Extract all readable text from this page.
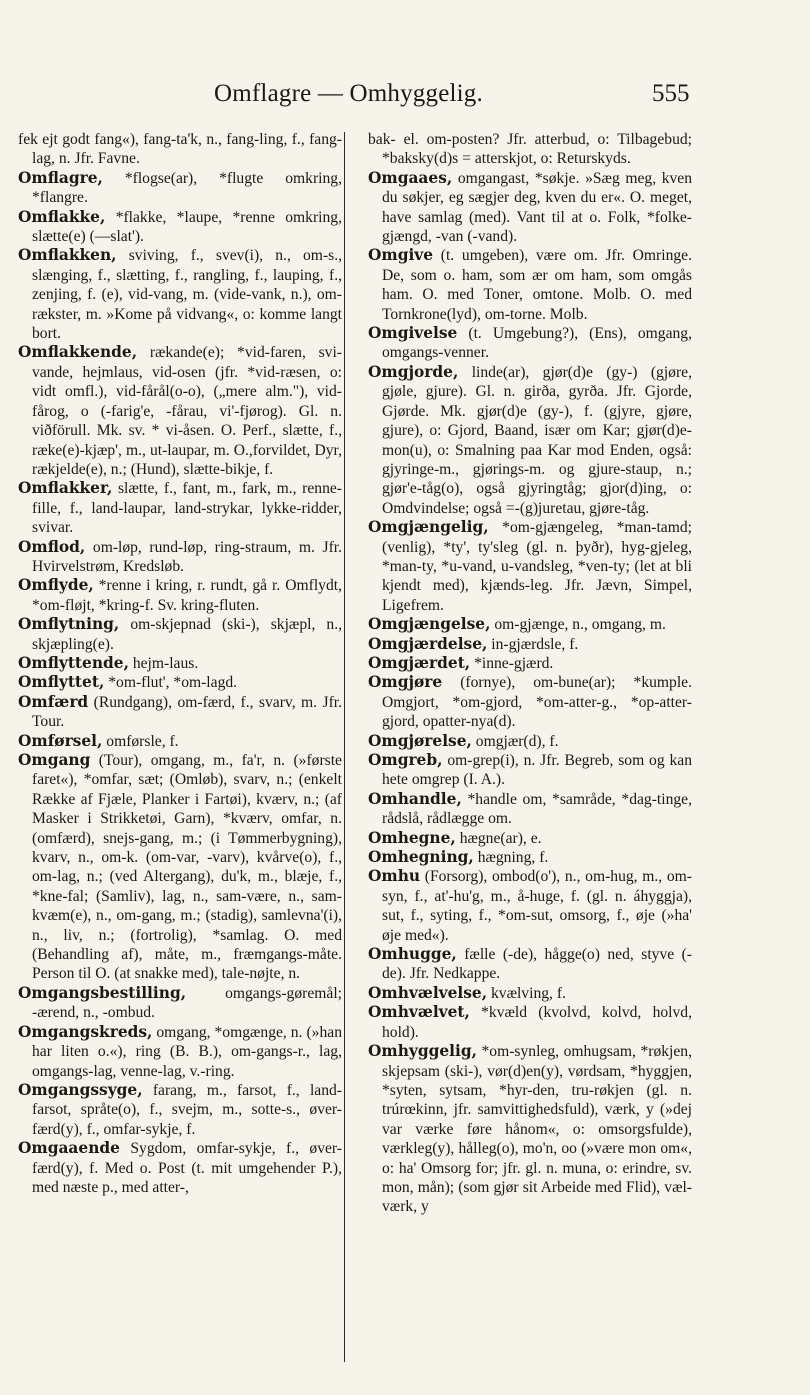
Omflagre — Omhyggelig.	555
fek ejt godt fang«), fang-ta'k, n., fang-ling, f., fang-lag, n. Jfr. Favne.
Omflagre, *flogse(ar), *flugte omkring, *flangre.
Omflakke, *flakke, *laupe, *renne omkring, slætte(e) (—slat').
Omflakken, sviving, f., svev(i), n., om-s., slænging, f., slætting, f., rangling, f., lauping, f., zenjing, f. (e), vid-vang, m. (vide-vank, n.), om-rækster, m. »Kome på vidvang«, o: komme langt bort.
Omflakkende, rækande(e); *vid-faren, svi-vande, hejmlaus, vid-osen (jfr. *vid-ræsen, o: vidt omfl.), vid-fårål(o-o), („mere alm."), vid-fårog, o (-farig'e, -fårau, vi'-fjørog). Gl. n. viðförull. Mk. sv. * vi-åsen. O. Perf., slætte, f., ræke(e)-kjæp', m., ut-laupar, m. O.,forvildet, Dyr, rækjelde(e), n.; (Hund), slætte-bikje, f.
Omflakker, slætte, f., fant, m., fark, m., renne-fille, f., land-laupar, land-strykar, lykke-ridder, svivar.
Omflod, om-løp, rund-løp, ring-straum, m. Jfr. Hvirvelstrøm, Kredsløb.
Omflyde, *renne i kring, r. rundt, gå r. Omflydt, *om-fløjt, *kring-f. Sv. kring-fluten.
Omflytning, om-skjepnad (ski-), skjæpl, n., skjæpling(e).
Omflyttende, hejm-laus.
Omflyttet, *om-flut', *om-lagd.
Omfærd (Rundgang), om-færd, f., svarv, m. Jfr. Tour.
Omførsel, omførsle, f.
Omgang (Tour), omgang, m., fa'r, n. (»første faret«), *omfar, sæt; (Omløb), svarv, n.; (enkelt Række af Fjæle, Planker i Fartøi), kværv, n.; (af Masker i Strikketøi, Garn), *kværv, omfar, n. (omfærd), snejs-gang, m.; (i Tømmerbygning), kvarv, n., om-k. (om-var, -varv), kvårve(o), f., om-lag, n.; (ved Altergang), du'k, m., blæje, f., *kne-fal; (Samliv), lag, n., sam-være, n., sam-kvæm(e), n., om-gang, m.; (stadig), samlevna'(i), n., liv, n.; (fortrolig), *samlag. O. med (Behandling af), måte, m., fræmgangs-måte. Person til O. (at snakke med), tale-nøjte, n.
Omgangsbestilling, omgangs-gøremål; -ærend, n., -ombud.
Omgangskreds, omgang, *omgænge, n. (»han har liten o.«), ring (B. B.), om-gangs-r., lag, omgangs-lag, venne-lag, v.-ring.
Omgangssyge, farang, m., farsot, f., land-farsot, språte(o), f., svejm, m., sotte-s., øver-færd(y), f., omfar-sykje, f.
Omgaaende Sygdom, omfar-sykje, f., øver-færd(y), f. Med o. Post (t. mit umgehender P.), med næste p., med atter-,
bak- el. om-posten? Jfr. atterbud, o: Tilbagebud; *baksky(d)s = atterskjot, o: Returskyds.
Omgaaes, omgangast, *søkje. »Sæg meg, kven du søkjer, eg sægjer deg, kven du er«. O. meget, have samlag (med). Vant til at o. Folk, *folke-gjængd, -van (-vand).
Omgive (t. umgeben), være om. Jfr. Omringe. De, som o. ham, som ær om ham, som omgås ham. O. med Toner, omtone. Molb. O. med Tornkrone(lyd), om-torne. Molb.
Omgivelse (t. Umgebung?), (Ens), omgang, omgangs-venner.
Omgjorde, linde(ar), gjør(d)e (gy-) (gjøre, gjøle, gjure). Gl. n. girða, gyrða. Jfr. Gjorde, Gjørde. Mk. gjør(d)e (gy-), f. (gjyre, gjøre, gjure), o: Gjord, Baand, især om Kar; gjør(d)e-mon(u), o: Smalning paa Kar mod Enden, også: gjyringe-m., gjørings-m. og gjure-staup, n.; gjør'e-tåg(o), også gjyringtåg; gjor(d)ing, o: Omdvindelse; også =-(g)juretau, gjøre-tåg.
Omgjængelig, *om-gjængeleg, *man-tamd; (venlig), *ty', ty'sleg (gl. n. þyðr), hyg-gjeleg, *man-ty, *u-vand, u-vandsleg, *ven-ty; (let at bli kjendt med), kjænds-leg. Jfr. Jævn, Simpel, Ligefrem.
Omgjængelse, om-gjænge, n., omgang, m.
Omgjærdelse, in-gjærdsle, f.
Omgjærdet, *inne-gjærd.
Omgjøre (fornye), om-bune(ar); *kumple. Omgjort, *om-gjord, *om-atter-g., *op-atter-gjord, opatter-nya(d).
Omgjørelse, omgjær(d), f.
Omgreb, om-grep(i), n. Jfr. Begreb, som og kan hete omgrep (I. A.).
Omhandle, *handle om, *samråde, *dag-tinge, rådslå, rådlægge om.
Omhegne, hægne(ar), e.
Omhegning, hægning, f.
Omhu (Forsorg), ombod(o'), n., om-hug, m., om-syn, f., at'-hu'g, m., å-huge, f. (gl. n. áhyggja), sut, f., syting, f., *om-sut, omsorg, f., øje (»ha' øje med«).
Omhugge, fælle (-de), hågge(o) ned, styve (-de). Jfr. Nedkappe.
Omhvælvelse, kvælving, f.
Omhvælvet, *kvæld (kvolvd, kolvd, holvd, hold).
Omhyggelig, *om-synleg, omhugsam, *røkjen, skjepsam (ski-), vør(d)en(y), vørdsam, *hyggjen, *syten, sytsam, *hyr-den, tru-røkjen (gl. n. trúrœkinn, jfr. samvittighedsfuld), værk, y (»dej var værke føre hånom«, o: omsorgsfulde), værkleg(y), hålleg(o), mo'n, oo (»være mon om«, o: ha' Omsorg for; jfr. gl. n. muna, o: erindre, sv. mon, mån); (som gjør sit Arbeide med Flid), væl-værk, y
